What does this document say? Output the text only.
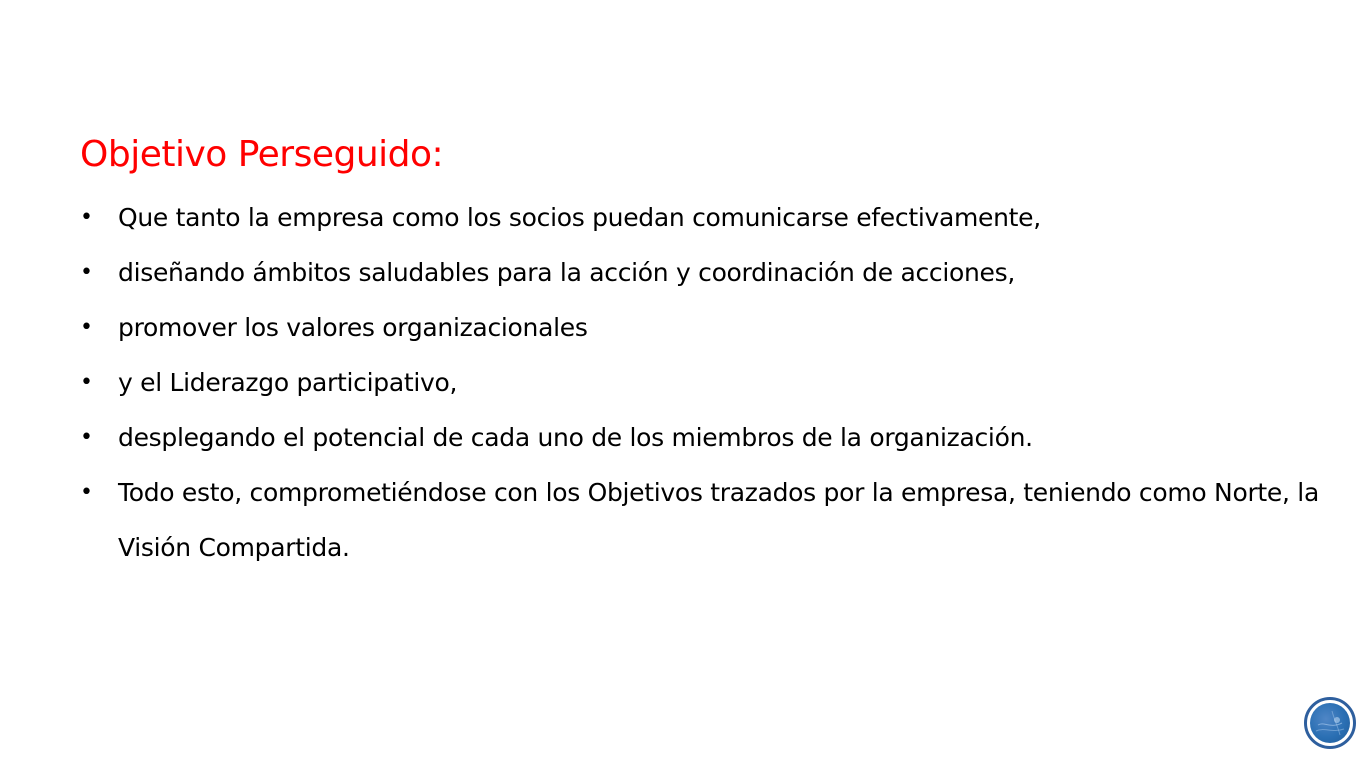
Objetivo Perseguido:
• Que tanto la empresa como los socios puedan comunicarse efectivamente,
• diseñando ámbitos saludables para la acción y coordinación de acciones,
• promover los valores organizacionales
• y el Liderazgo participativo,
• desplegando el potencial de cada uno de los miembros de la organización.
• Todo esto, comprometiéndose con los Objetivos trazados por la empresa, teniendo como Norte, la Visión Compartida.
